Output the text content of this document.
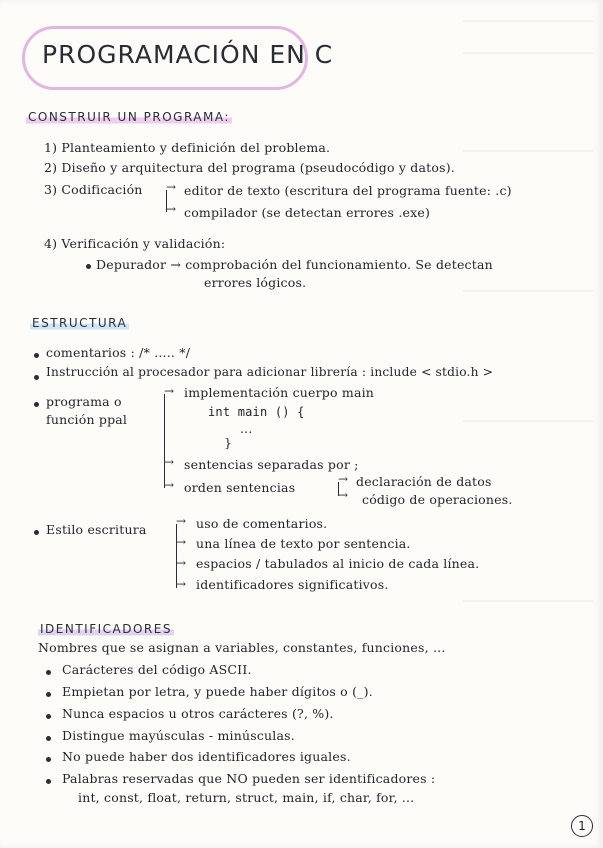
PROGRAMACIÓN EN C
CONSTRUIR UN PROGRAMA:
1) Planteamiento y definición del problema.
2) Diseño y arquitectura del programa (pseudocódigo y datos).
3) Codificación → editor de texto (escritura del programa fuente: .c)
→ compilador (se detectan errores .exe)
4) Verificación y validación:
Depurador → comprobación del funcionamiento. Se detectan
errores lógicos.
ESTRUCTURA
comentarios : /* ..... */
Instrucción al procesador para adicionar librería : include < stdio.h >
programa o
función ppal
→ implementación cuerpo main
int main () {
...
}
→ sentencias separadas por ;
→ orden sentencias
→ declaración de datos
→ código de operaciones.
Estilo escritura
→ uso de comentarios.
→ una línea de texto por sentencia.
→ espacios / tabulados al inicio de cada línea.
→ identificadores significativos.
IDENTIFICADORES
Nombres que se asignan a variables, constantes, funciones, ...
Carácteres del código ASCII.
Empietan por letra, y puede haber dígitos o (_).
Nunca espacios u otros carácteres (?, %).
Distingue mayúsculas - minúsculas.
No puede haber dos identificadores iguales.
Palabras reservadas que NO pueden ser identificadores :
int, const, float, return, struct, main, if, char, for, ...
1
